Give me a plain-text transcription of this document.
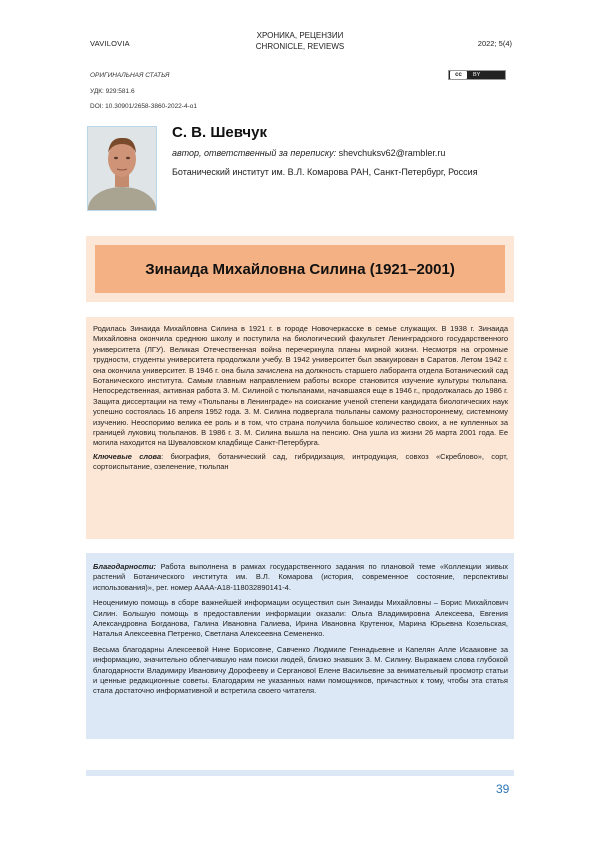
VAVILOVIA
ХРОНИКА, РЕЦЕНЗИИ
CHRONICLE, REVIEWS	2022; 5(4)
ОРИГИНАЛЬНАЯ СТАТЬЯ
УДК: 929:581.6
DOI: 10.30901/2658-3860-2022-4-o1
cc	BY
С. В. Шевчук
автор, ответственный за переписку: shevchuksv62@rambler.ru
Ботанический институт им. В.Л. Комарова РАН, Санкт-Петербург, Россия
Зинаида Михайловна Силина (1921–2001)

Родилась Зинаида Михайловна Силина в 1921 г. в городе Новочеркасске в семье служащих. В 1938 г. Зинаида Михайловна окончила среднюю школу и поступила на биологический факультет Ленинградского государственного университета (ЛГУ). Великая Отечественная война перечеркнула планы мирной жизни. Несмотря на огромные трудности, студенты университета продолжали учебу. В 1942 университет был эвакуирован в Саратов. Летом 1942 г. она окончила университет. В 1946 г. она была зачислена на должность старшего лаборанта отдела Ботанический сад Ботанического института. Самым главным направлением работы вскоре становится изучение культуры тюльпана. Непосредственная, активная работа З. М. Силиной с тюльпанами, начавшаяся еще в 1946 г., продолжалась до 1986 г. Защита диссертации на тему «Тюльпаны в Ленинграде» на соискание ученой степени кандидата биологических наук успешно состоялась 16 апреля 1952 года. З. М. Силина подвергала тюльпаны самому разностороннему, системному изучению. Неоспоримо велика ее роль и в том, что страна получила большое количество своих, а не купленных за границей луковиц тюльпанов. В 1986 г. З. М. Силина вышла на пенсию. Она ушла из жизни 26 марта 2001 года. Ее могила находится на Шуваловском кладбище Санкт-Петербурга.

Ключевые слова: биография, ботанический сад, гибридизация, интродукция, совхоз «Скреблово», сорт, сортоиспытание, озеленение, тюльпан

Благодарности: Работа выполнена в рамках государственного задания по плановой теме «Коллекции живых растений Ботанического института им. В.Л. Комарова (история, современное состояние, перспективы использования)», рег. номер АААА-А18-118032890141-4.

Неоценимую помощь в сборе важнейшей информации осуществил сын Зинаиды Михайловны – Борис Михайлович Силин. Большую помощь в предоставлении информации оказали: Ольга Владимировна Алексеева, Евгения Александровна Богданова, Галина Ивановна Галиева, Ирина Ивановна Крутенюк, Марина Юрьевна Козельская, Наталья Алексеевна Петренко, Светлана Алексеевна Семененко.

Весьма благодарны Алексеевой Нине Борисовне, Савченко Людмиле Геннадьевне и Капелян Алле Исааковне за информацию, значительно облегчившую нам поиски людей, близко знавших З. М. Силину. Выражаем слова глубокой благодарности Владимиру Ивановичу Дорофееву и Серганової Елене Васильевне за внимательный просмотр статьи и ценные редакционные советы. Благодарим не указанных нами помощников, причастных к тому, чтобы эта статья стала достаточно информативной и встретила своего читателя.

39
